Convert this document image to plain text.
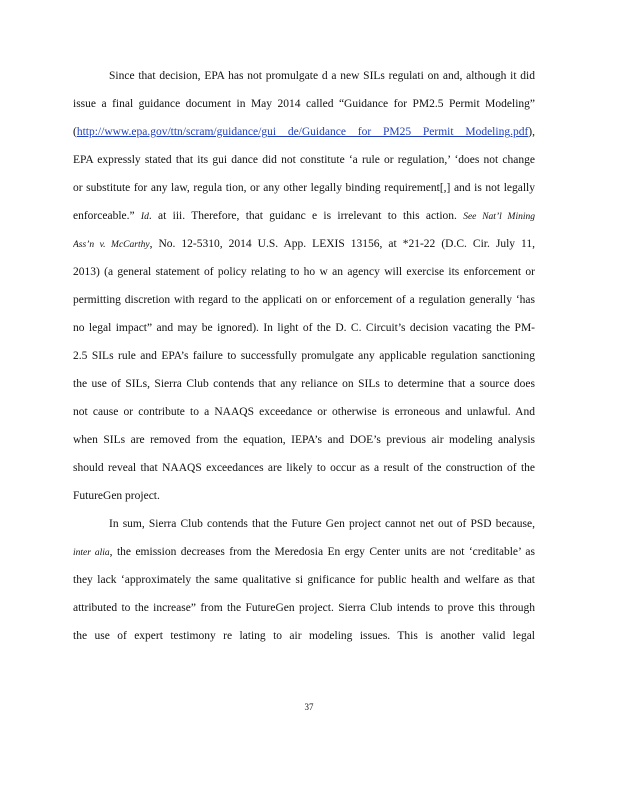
Since that decision, EPA has not promulgate d a new SILs regulati on and, although it did
issue a final guidance document in May 2014 called “Guidance for PM2.5 Permit Modeling”
(http://www.epa.gov/ttn/scram/guidance/gui de/Guidance for PM25 Permit Modeling.pdf),
EPA expressly stated that its gui dance did not constitute ‘a rule or regulation,’ ‘does not change
or substitute for any law, regula tion, or any other legally binding requirement[,] and is not legally
enforceable.” Id. at iii. Therefore, that guidanc e is irrelevant to this action. See Nat’l Mining
Ass’n v. McCarthy, No. 12-5310, 2014 U.S. App. LEXIS 13156, at *21-22 (D.C. Cir. July 11,
2013) (a general statement of policy relating to ho w an agency will exercise its enforcement or
permitting discretion with regard to the applicati on or enforcement of a regulation generally ‘has
no legal impact” and may be ignored). In light of the D. C. Circuit’s decision vacating the PM-
2.5 SILs rule and EPA’s failure to successfully promulgate any applicable regulation sanctioning
the use of SILs, Sierra Club contends that any reliance on SILs to determine that a source does
not cause or contribute to a NAAQS exceedance or otherwise is erroneous and unlawful. And
when SILs are removed from the equation, IEPA’s and DOE’s previous air modeling analysis
should reveal that NAAQS exceedances are likely to occur as a result of the construction of the
FutureGen project.
In sum, Sierra Club contends that the Future Gen project cannot net out of PSD because,
inter alia, the emission decreases from the Meredosia En ergy Center units are not ‘creditable’ as
they lack ‘approximately the same qualitative si gnificance for public health and welfare as that
attributed to the increase” from the FutureGen project. Sierra Club intends to prove this through
the use of expert testimony re lating to air modeling issues. This is another valid legal
37
